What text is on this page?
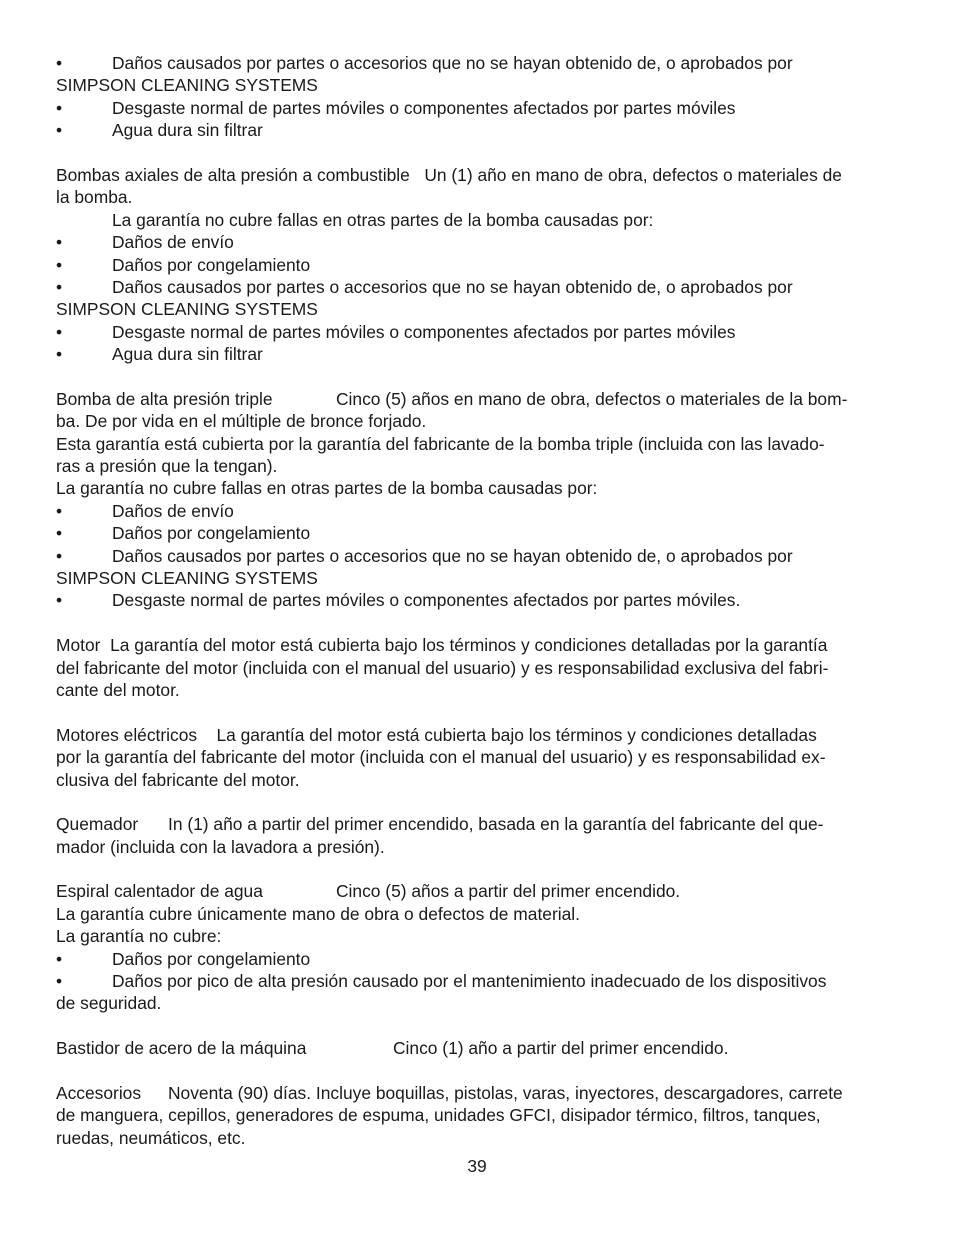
•	Daños causados por partes o accesorios que no se hayan obtenido de, o aprobados por
SIMPSON CLEANING SYSTEMS
•	Desgaste normal de partes móviles o componentes afectados por partes móviles
•	Agua dura sin filtrar
Bombas axiales de alta presión a combustible Un (1) año en mano de obra, defectos o materiales de
la bomba.
La garantía no cubre fallas en otras partes de la bomba causadas por:
•	Daños de envío
•	Daños por congelamiento
•	Daños causados por partes o accesorios que no se hayan obtenido de, o aprobados por
SIMPSON CLEANING SYSTEMS
•	Desgaste normal de partes móviles o componentes afectados por partes móviles
•	Agua dura sin filtrar
Bomba de alta presión triple	Cinco (5) años en mano de obra, defectos o materiales de la bom-
ba. De por vida en el múltiple de bronce forjado.
Esta garantía está cubierta por la garantía del fabricante de la bomba triple (incluida con las lavado-
ras a presión que la tengan).
La garantía no cubre fallas en otras partes de la bomba causadas por:
•	Daños de envío
•	Daños por congelamiento
•	Daños causados por partes o accesorios que no se hayan obtenido de, o aprobados por
SIMPSON CLEANING SYSTEMS
•	Desgaste normal de partes móviles o componentes afectados por partes móviles.
Motor La garantía del motor está cubierta bajo los términos y condiciones detalladas por la garantía
del fabricante del motor (incluida con el manual del usuario) y es responsabilidad exclusiva del fabri-
cante del motor.
Motores eléctricos La garantía del motor está cubierta bajo los términos y condiciones detalladas
por la garantía del fabricante del motor (incluida con el manual del usuario) y es responsabilidad ex-
clusiva del fabricante del motor.
Quemador In (1) año a partir del primer encendido, basada en la garantía del fabricante del que-
mador (incluida con la lavadora a presión).
Espiral calentador de agua	Cinco (5) años a partir del primer encendido.
La garantía cubre únicamente mano de obra o defectos de material.
La garantía no cubre:
•	Daños por congelamiento
•	Daños por pico de alta presión causado por el mantenimiento inadecuado de los dispositivos
de seguridad.
Bastidor de acero de la máquina	Cinco (1) año a partir del primer encendido.
Accesorios Noventa (90) días. Incluye boquillas, pistolas, varas, inyectores, descargadores, carrete
de manguera, cepillos, generadores de espuma, unidades GFCI, disipador térmico, filtros, tanques,
ruedas, neumáticos, etc.
39
